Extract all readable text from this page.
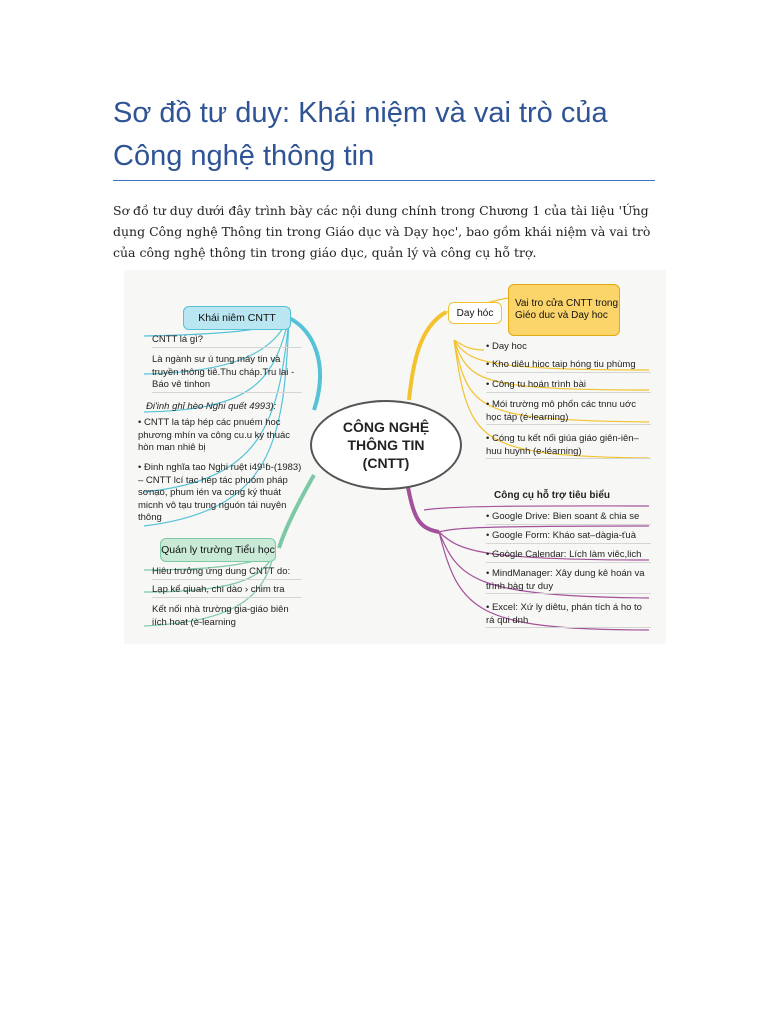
Sơ đồ tư duy: Khái niệm và vai trò của Công nghệ thông tin

Sơ đồ tư duy dưới đây trình bày các nội dung chính trong Chương 1 của tài liệu 'Ứng dụng Công nghệ Thông tin trong Giáo dục và Dạy học', bao gồm khái niệm và vai trò của công nghệ thông tin trong giáo dục, quản lý và công cụ hỗ trợ.

CÔNG NGHỆ
THÔNG TIN
(CNTT)
Khái niêm CNTT
CNTT lá gì?
Là ngành sư ú tung máy tin và truyền thông tiê.Thu cháp.Tru lai - Báo vê tinhon
Đi'inh ghỉ hèo Nghi quết 4993):
• CNTT la táp hép các pnuém hoc phương mhín va công cu.u ky thuác hòn man nhiê bị
• Đinh nghĩa tao Nghi ruệt i49¹ɓ-(1983) – CNTT lcí tac hép tác phuóm pháp sơnạo, phum ién va cong ký thuát micnh vô tạu trung nguón tái nuyên thông
Quán ly trường Tiểu học
Hiêu trưởng ứng dung CNTT do:
Lạp kế qiuah, chi dào › chim tra
Kết nối nhà trường gia‑giáo biên iích hoat (è-learning
Day hóc
Vai tro cửa CNTT trong Giéo duc và Day hoc
• Day hoc
• Kho diêu hioc taip hóng tiu phùmg
• Công tu hoán trình bài
• Mói trường mô phốn các tnnu uớc học táp (é-learning)
• Cóng tu kết nối giúa giáo giên-iên– huu huynh (e-léarning)
Công cụ hỗ trợ tiêu biểu
• Google Drive: Bien soant & chia se
• Google Form: Kháo sat–dàgia-ťuà
• Goògle Calendar: Lích làm viêc,lich
• MindManager: Xây dung kê hoán va trình bàg tư duy
• Excel: Xứ ly diêtu, phán tích á ho to rá qui dnh
